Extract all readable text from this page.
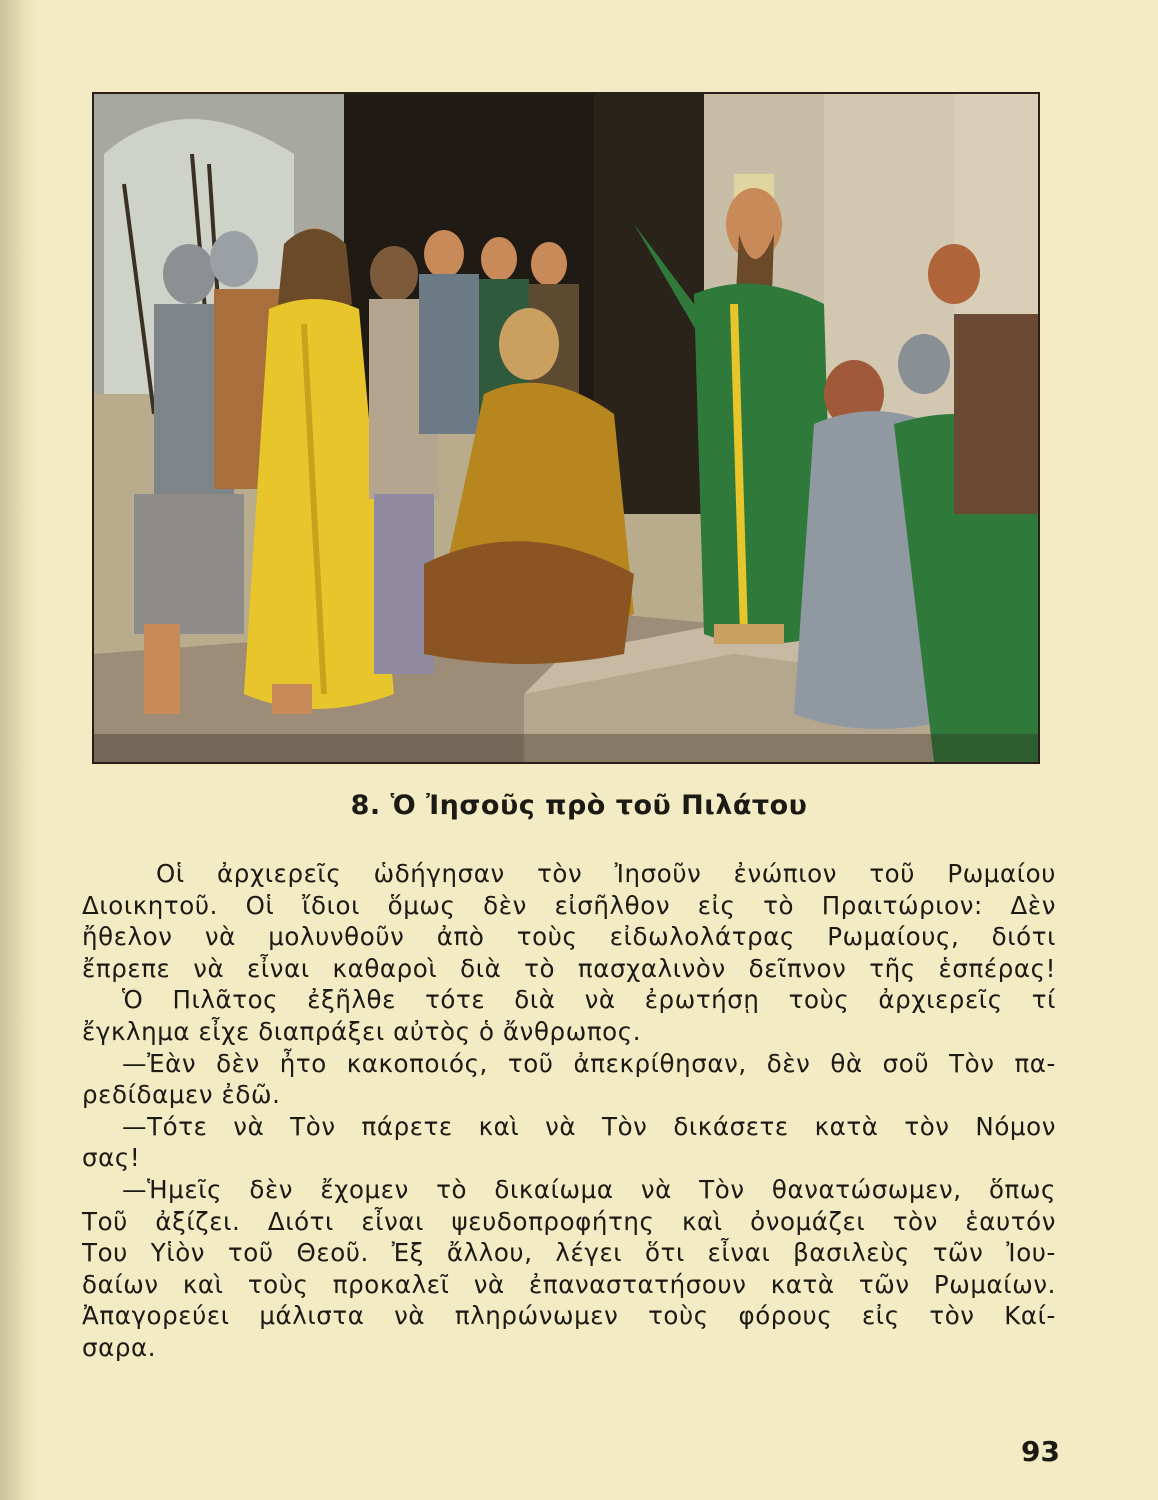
8. Ὁ Ἰησοῦς πρὸ τοῦ Πιλάτου
Οἱ ἀρχιερεῖς ὡδήγησαν τὸν Ἰησοῦν ἐνώπιον τοῦ Ρωμαίου
Διοικητοῦ. Οἱ ἴδιοι ὅμως δὲν εἰσῆλθον εἰς τὸ Πραιτώριον: Δὲν
ἤθελον νὰ μολυνθοῦν ἀπὸ τοὺς εἰδωλολάτρας Ρωμαίους, διότι
ἔπρεπε νὰ εἶναι καθαροὶ διὰ τὸ πασχαλινὸν δεῖπνον τῆς ἑσπέρας!
Ὁ Πιλᾶτος ἐξῆλθε τότε διὰ νὰ ἐρωτήσῃ τοὺς ἀρχιερεῖς τί
ἔγκλημα εἶχε διαπράξει αὐτὸς ὁ ἄνθρωπος.
—Ἐὰν δὲν ἦτο κακοποιός, τοῦ ἀπεκρίθησαν, δὲν θὰ σοῦ Τὸν πα-
ρεδίδαμεν ἐδῶ.
—Τότε νὰ Τὸν πάρετε καὶ νὰ Τὸν δικάσετε κατὰ τὸν Νόμον
σας!
—Ἡμεῖς δὲν ἔχομεν τὸ δικαίωμα νὰ Τὸν θανατώσωμεν, ὅπως
Τοῦ ἀξίζει. Διότι εἶναι ψευδοπροφήτης καὶ ὀνομάζει τὸν ἑαυτόν
Του Υἱὸν τοῦ Θεοῦ. Ἐξ ἄλλου, λέγει ὅτι εἶναι βασιλεὺς τῶν Ἰου-
δαίων καὶ τοὺς προκαλεῖ νὰ ἐπαναστατήσουν κατὰ τῶν Ρωμαίων.
Ἀπαγορεύει μάλιστα νὰ πληρώνωμεν τοὺς φόρους εἰς τὸν Καί-
σαρα.
93
